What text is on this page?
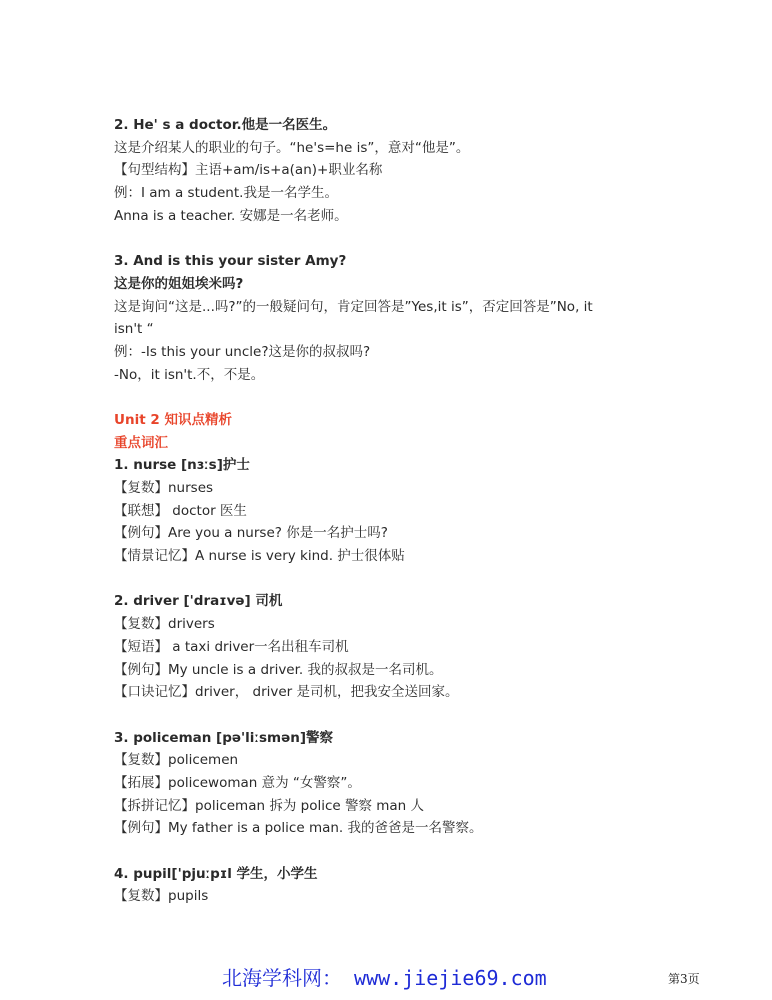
2. He' s a doctor.他是一名医生。
这是介绍某人的职业的句子。“he's=he is”，意对“他是”。
【句型结构】主语+am/is+a(an)+职业名称
例：I am a student.我是一名学生。
Anna is a teacher. 安娜是一名老师。
3. And is this your sister Amy?
这是你的姐姐埃米吗?
这是询问“这是...吗?”的一般疑问句，肯定回答是”Yes,it is”，否定回答是”No, it
isn't “
例：-Is this your uncle?这是你的叔叔吗?
-No，it isn't.不，不是。
Unit 2 知识点精析
重点词汇
1. nurse [nɜːs]护士
【复数】nurses
【联想】 doctor 医生
【例句】Are you a nurse? 你是一名护士吗?
【情景记忆】A nurse is very kind. 护士很体贴
2. driver ['draɪvə] 司机
【复数】drivers
【短语】 a taxi driver一名出租车司机
【例句】My uncle is a driver. 我的叔叔是一名司机。
【口诀记忆】driver， driver 是司机，把我安全送回家。
3. policeman [pə'liːsmən]警察
【复数】policemen
【拓展】policewoman 意为 “女警察”。
【拆拼记忆】policeman 拆为 police 警察 man 人
【例句】My father is a police man. 我的爸爸是一名警察。
4. pupil['pjuːpɪl 学生，小学生
【复数】pupils
北海学科网： www.jiejie69.com	第3页
